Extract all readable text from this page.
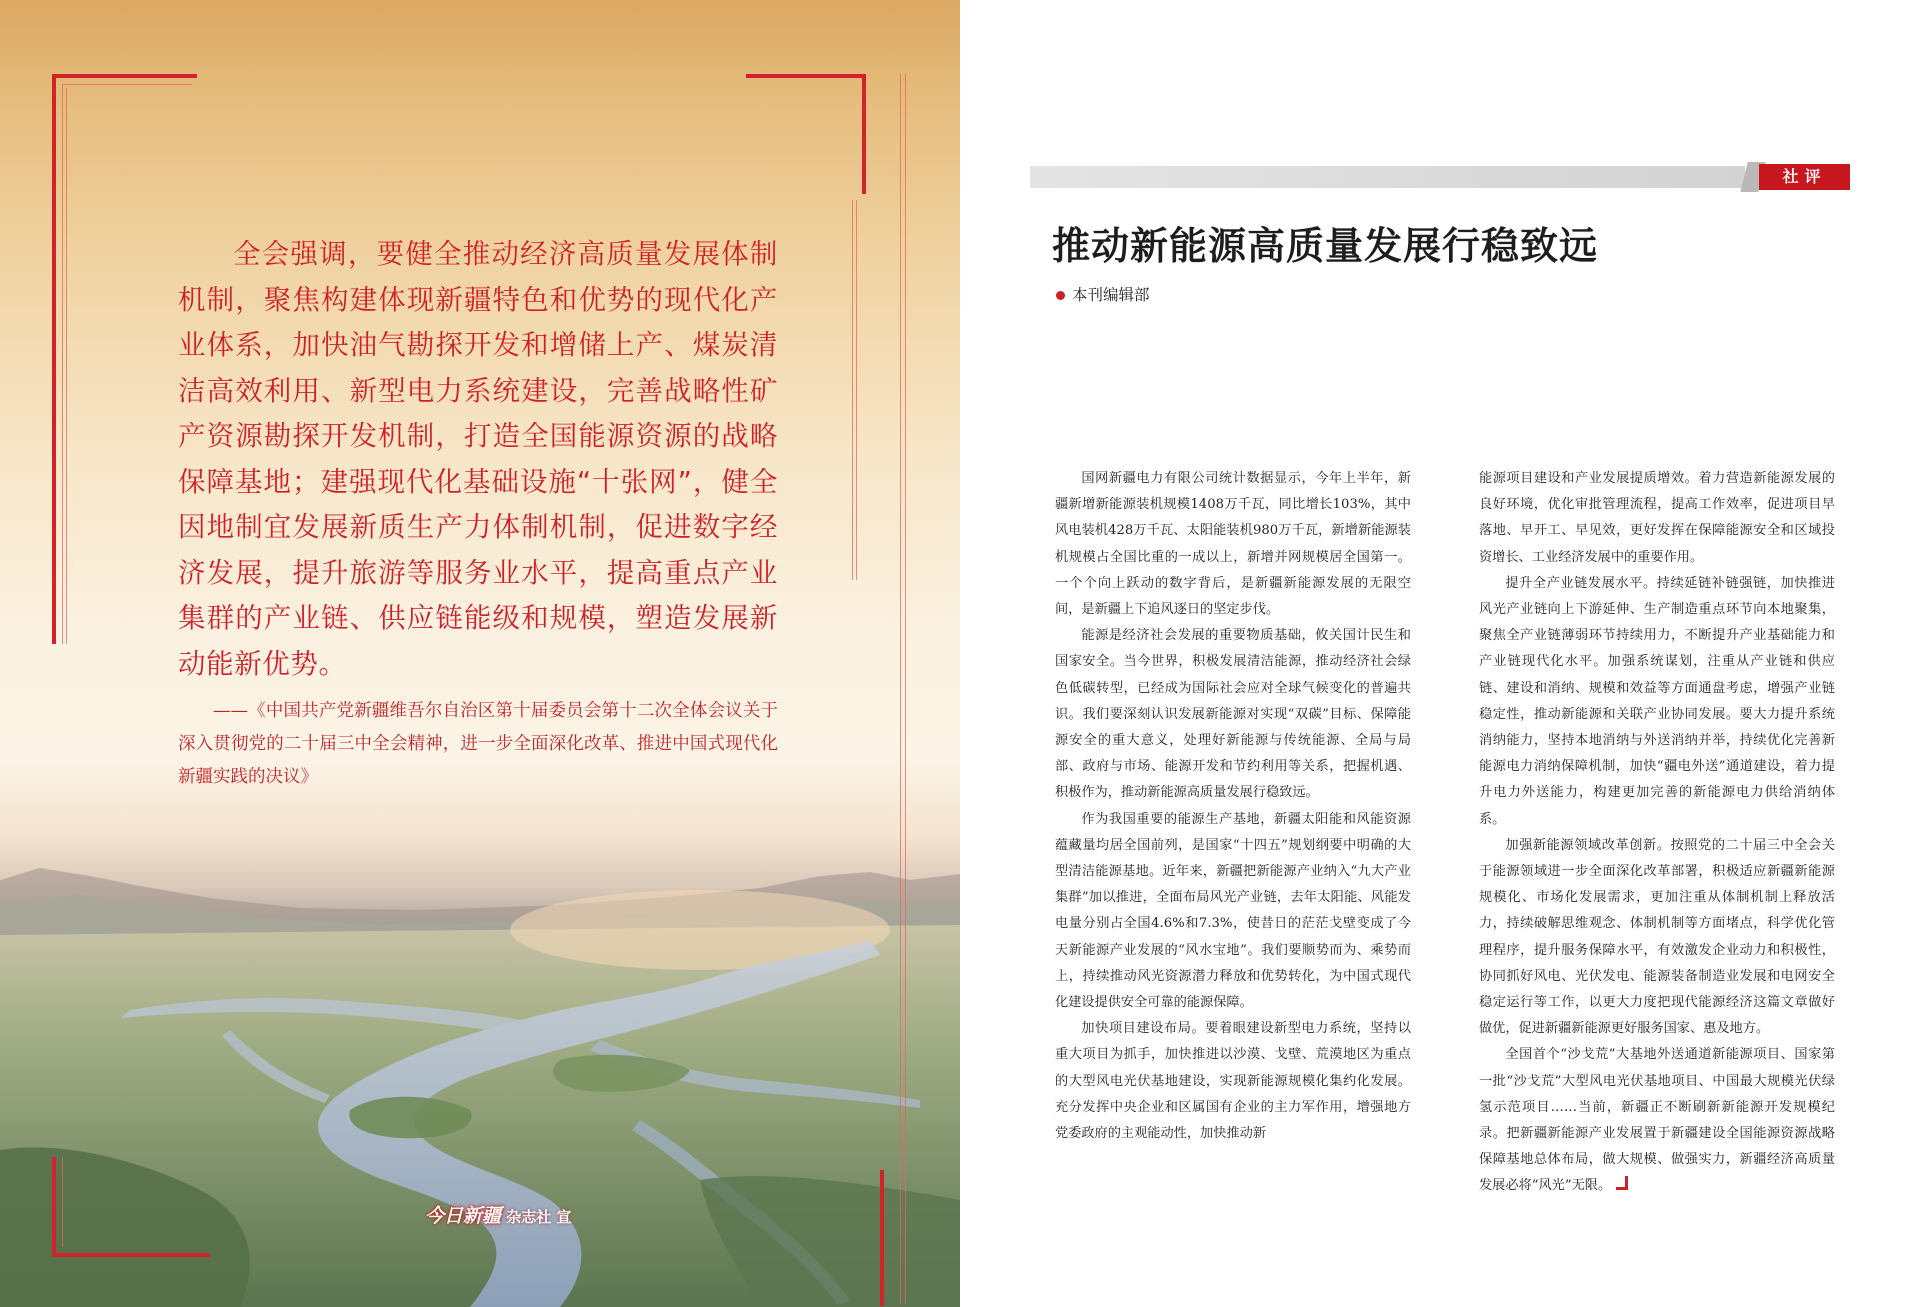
全会强调，要健全推动经济高质量发展体制机制，聚焦构建体现新疆特色和优势的现代化产业体系，加快油气勘探开发和增储上产、煤炭清洁高效利用、新型电力系统建设，完善战略性矿产资源勘探开发机制，打造全国能源资源的战略保障基地；建强现代化基础设施“十张网”，健全因地制宜发展新质生产力体制机制，促进数字经济发展，提升旅游等服务业水平，提高重点产业集群的产业链、供应链能级和规模，塑造发展新动能新优势。
——《中国共产党新疆维吾尔自治区第十届委员会第十二次全体会议关于深入贯彻党的二十届三中全会精神，进一步全面深化改革、推进中国式现代化新疆实践的决议》
今日新疆 杂志社 宣
社评
推动新能源高质量发展行稳致远
本刊编辑部

国网新疆电力有限公司统计数据显示，今年上半年，新疆新增新能源装机规模1408万千瓦，同比增长103%，其中风电装机428万千瓦、太阳能装机980万千瓦，新增新能源装机规模占全国比重的一成以上，新增并网规模居全国第一。一个个向上跃动的数字背后，是新疆新能源发展的无限空间，是新疆上下追风逐日的坚定步伐。

能源是经济社会发展的重要物质基础，攸关国计民生和国家安全。当今世界，积极发展清洁能源，推动经济社会绿色低碳转型，已经成为国际社会应对全球气候变化的普遍共识。我们要深刻认识发展新能源对实现“双碳”目标、保障能源安全的重大意义，处理好新能源与传统能源、全局与局部、政府与市场、能源开发和节约利用等关系，把握机遇、积极作为，推动新能源高质量发展行稳致远。

作为我国重要的能源生产基地，新疆太阳能和风能资源蕴藏量均居全国前列，是国家“十四五”规划纲要中明确的大型清洁能源基地。近年来，新疆把新能源产业纳入“九大产业集群”加以推进，全面布局风光产业链，去年太阳能、风能发电量分别占全国4.6%和7.3%，使昔日的茫茫戈壁变成了今天新能源产业发展的“风水宝地”。我们要顺势而为、乘势而上，持续推动风光资源潜力释放和优势转化，为中国式现代化建设提供安全可靠的能源保障。

加快项目建设布局。要着眼建设新型电力系统，坚持以重大项目为抓手，加快推进以沙漠、戈壁、荒漠地区为重点的大型风电光伏基地建设，实现新能源规模化集约化发展。充分发挥中央企业和区属国有企业的主力军作用，增强地方党委政府的主观能动性，加快推动新

能源项目建设和产业发展提质增效。着力营造新能源发展的良好环境，优化审批管理流程，提高工作效率，促进项目早落地、早开工、早见效，更好发挥在保障能源安全和区域投资增长、工业经济发展中的重要作用。

提升全产业链发展水平。持续延链补链强链，加快推进风光产业链向上下游延伸、生产制造重点环节向本地聚集，聚焦全产业链薄弱环节持续用力，不断提升产业基础能力和产业链现代化水平。加强系统谋划，注重从产业链和供应链、建设和消纳、规模和效益等方面通盘考虑，增强产业链稳定性，推动新能源和关联产业协同发展。要大力提升系统消纳能力，坚持本地消纳与外送消纳并举，持续优化完善新能源电力消纳保障机制，加快“疆电外送”通道建设，着力提升电力外送能力，构建更加完善的新能源电力供给消纳体系。

加强新能源领域改革创新。按照党的二十届三中全会关于能源领域进一步全面深化改革部署，积极适应新疆新能源规模化、市场化发展需求，更加注重从体制机制上释放活力，持续破解思维观念、体制机制等方面堵点，科学优化管理程序，提升服务保障水平，有效激发企业动力和积极性，协同抓好风电、光伏发电、能源装备制造业发展和电网安全稳定运行等工作，以更大力度把现代能源经济这篇文章做好做优，促进新疆新能源更好服务国家、惠及地方。

全国首个“沙戈荒”大基地外送通道新能源项目、国家第一批“沙戈荒”大型风电光伏基地项目、中国最大规模光伏绿氢示范项目……当前，新疆正不断刷新新能源开发规模纪录。把新疆新能源产业发展置于新疆建设全国能源资源战略保障基地总体布局，做大规模、做强实力，新疆经济高质量发展必将“风光”无限。
